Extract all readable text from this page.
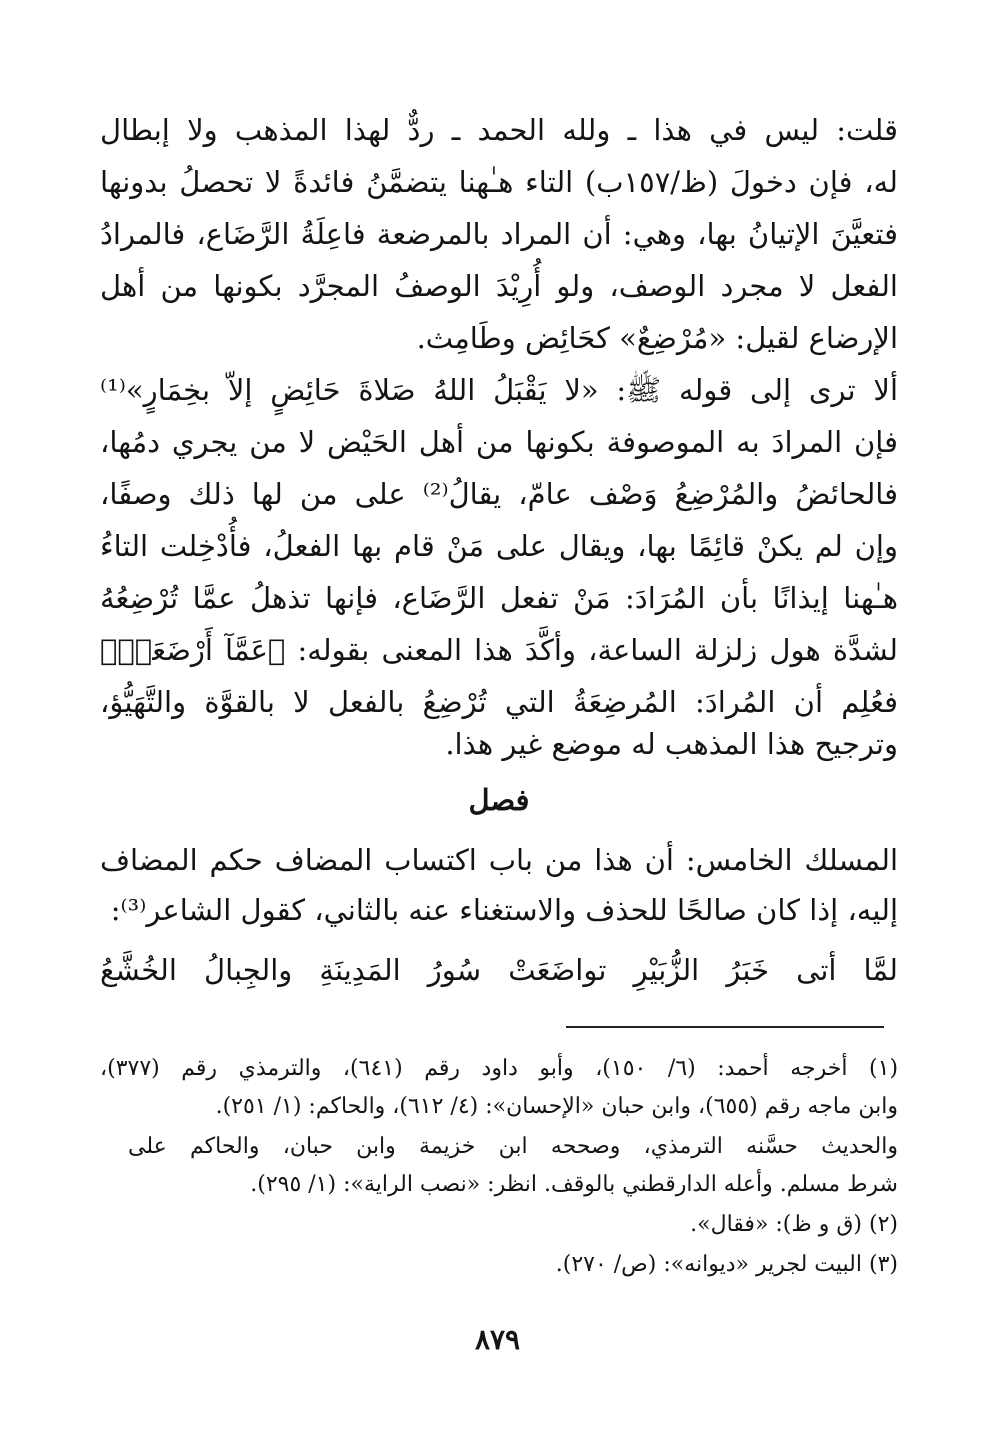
قلت: ليس في هذا ـ ولله الحمد ـ ردٌّ لهذا المذهب ولا إبطال
له، فإن دخولَ (ظ/١٥٧ب) التاء هـٰهنا يتضمَّنُ فائدةً لا تحصلُ بدونها
فتعيَّنَ الإتيانُ بها، وهي: أن المراد بالمرضعة فاعِلَةُ الرَّضَاع، فالمرادُ
الفعل لا مجرد الوصف، ولو أُرِيْدَ الوصفُ المجرَّد بكونها من أهل
الإرضاع لقيل: «مُرْضِعٌ» كحَائِض وطَامِث.
ألا ترى إلى قوله ﷺ: «لا يَقْبَلُ اللهُ صَلاةَ حَائِضٍ إلاّ بخِمَارٍ»⁽¹⁾
فإن المرادَ به الموصوفة بكونها من أهل الحَيْض لا من يجري دمُها،
فالحائضُ والمُرْضِعُ وَصْف عامّ، يقالُ⁽²⁾ على من لها ذلك وصفًا،
وإن لم يكنْ قائِمًا بها، ويقال على مَنْ قام بها الفعلُ، فأُدْخِلت التاءُ
هـٰهنا إيذانًا بأن المُرَادَ: مَنْ تفعل الرَّضَاع، فإنها تذهلُ عمَّا تُرْضِعُهُ
لشدَّة هول زلزلة الساعة، وأكَّدَ هذا المعنى بقوله: ﴿عَمَّآ أَرْضَعَتۡ﴾
فعُلِم أن المُرادَ: المُرضِعَةُ التي تُرْضِعُ بالفعل لا بالقوَّة والتَّهَيُّؤ،
وترجيح هذا المذهب له موضع غير هذا.
فصل
المسلك الخامس: أن هذا من باب اكتساب المضاف حكم المضاف
إليه، إذا كان صالحًا للحذف والاستغناء عنه بالثاني، كقول الشاعر⁽³⁾:
لمَّا أتى خَبَرُ الزُّبَيْرِ تواضَعَتْ سُورُ المَدِينَةِ والجِبالُ الخُشَّعُ
(١) أخرجه أحمد: (٦/ ١٥٠)، وأبو داود رقم (٦٤١)، والترمذي رقم (٣٧٧)،
وابن ماجه رقم (٦٥٥)، وابن حبان «الإحسان»: (٤/ ٦١٢)، والحاكم: (١/ ٢٥١).
والحديث حسَّنه الترمذي، وصححه ابن خزيمة وابن حبان، والحاكم على
شرط مسلم. وأعله الدارقطني بالوقف. انظر: «نصب الراية»: (١/ ٢٩٥).
(٢) (ق و ظ): «فقال».
(٣) البيت لجرير «ديوانه»: (ص/ ٢٧٠).
٨٧٩
